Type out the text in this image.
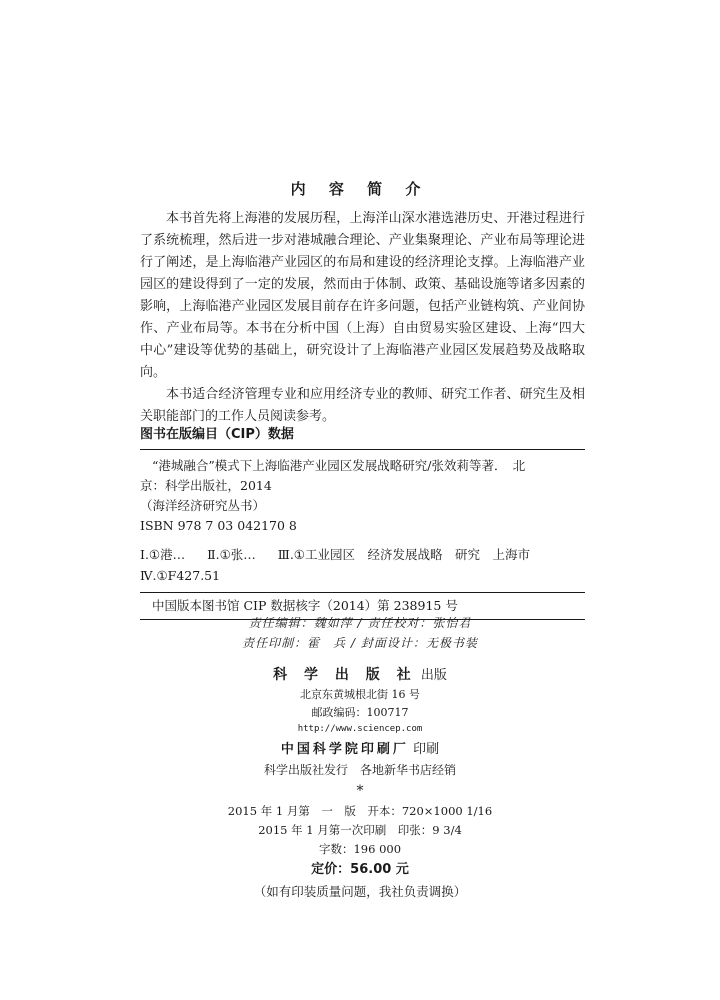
内 容 简 介

本书首先将上海港的发展历程，上海洋山深水港选港历史、开港过程进行了系统梳理，然后进一步对港城融合理论、产业集聚理论、产业布局等理论进行了阐述，是上海临港产业园区的布局和建设的经济理论支撑。上海临港产业园区的建设得到了一定的发展，然而由于体制、政策、基础设施等诸多因素的影响，上海临港产业园区发展目前存在许多问题，包括产业链构筑、产业间协作、产业布局等。本书在分析中国（上海）自由贸易实验区建设、上海“四大中心”建设等优势的基础上，研究设计了上海临港产业园区发展趋势及战略取向。

本书适合经济管理专业和应用经济专业的教师、研究工作者、研究生及相关职能部门的工作人员阅读参考。

图书在版编目（CIP）数据
“港城融合”模式下上海临港产业园区发展战略研究/张效莉等著．　北
京：科学出版社，2014
（海洋经济研究丛书）
ISBN 978 7 03 042170 8
Ⅰ.①港… Ⅱ.①张… Ⅲ.①工业园区　经济发展战略　研究　上海市
Ⅳ.①F427.51
中国版本图书馆 CIP 数据核字（2014）第 238915 号
责任编辑：魏如萍 / 责任校对：张怡君
责任印制：霍　兵 / 封面设计：无极书装
科 学 出 版 社 出版
北京东黄城根北街 16 号
邮政编码：100717
http://www.sciencep.com
中国科学院印刷厂 印刷
科学出版社发行　各地新华书店经销
*
2015 年 1 月第　一　版　开本：720×1000 1/16
2015 年 1 月第一次印刷　印张：9 3/4
字数：196 000
定价：56.00 元
（如有印装质量问题，我社负责调换）
